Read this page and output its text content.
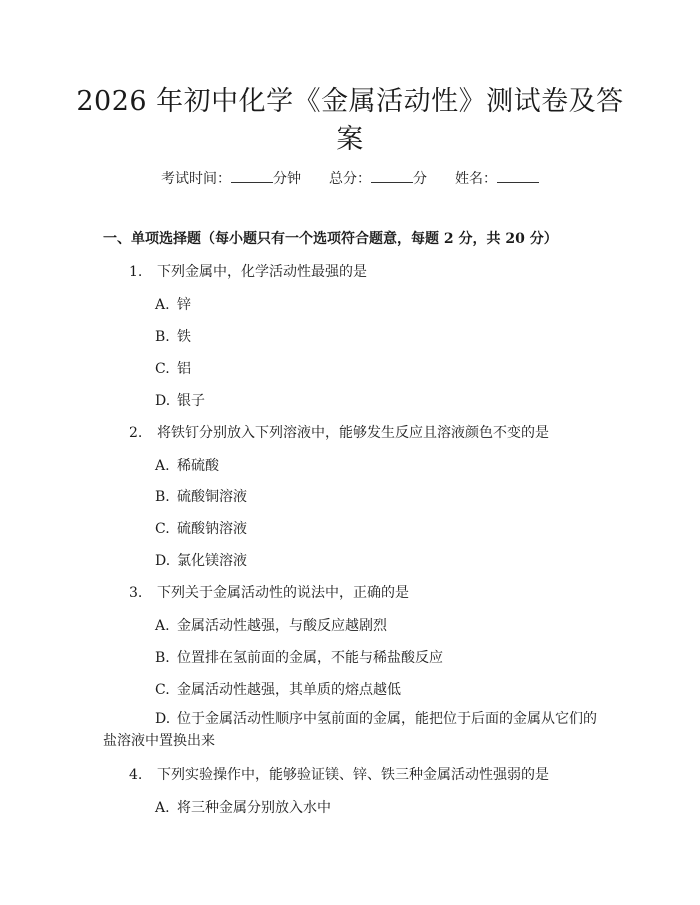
2026 年初中化学《金属活动性》测试卷及答
案
考试时间：	分钟 总分：	分 姓名：
一、单项选择题（每小题只有一个选项符合题意，每题 2 分，共 20 分）
1. 下列金属中，化学活动性最强的是
A. 锌
B. 铁
C. 铝
D. 银子
2. 将铁钉分别放入下列溶液中，能够发生反应且溶液颜色不变的是
A. 稀硫酸
B. 硫酸铜溶液
C. 硫酸钠溶液
D. 氯化镁溶液
3. 下列关于金属活动性的说法中，正确的是
A. 金属活动性越强，与酸反应越剧烈
B. 位置排在氢前面的金属，不能与稀盐酸反应
C. 金属活动性越强，其单质的熔点越低
D. 位于金属活动性顺序中氢前面的金属，能把位于后面的金属从它们的
盐溶液中置换出来
4. 下列实验操作中，能够验证镁、锌、铁三种金属活动性强弱的是
A. 将三种金属分别放入水中
